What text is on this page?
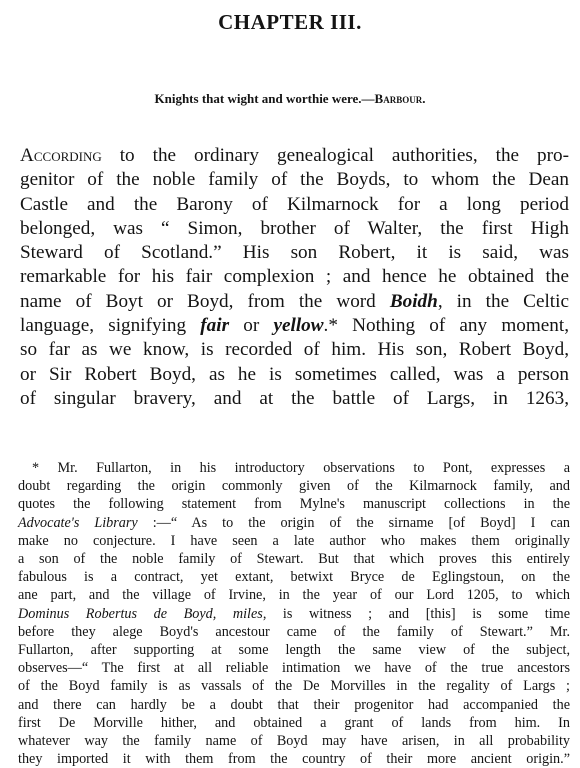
CHAPTER III.
Knights that wight and worthie were.—Barbour.
According to the ordinary genealogical authorities, the pro-
genitor of the noble family of the Boyds, to whom the Dean
Castle and the Barony of Kilmarnock for a long period
belonged, was “ Simon, brother of Walter, the first High
Steward of Scotland.” His son Robert, it is said, was
remarkable for his fair complexion ; and hence he obtained the
name of Boyt or Boyd, from the word Boidh, in the Celtic
language, signifying fair or yellow.* Nothing of any moment,
so far as we know, is recorded of him. His son, Robert Boyd,
or Sir Robert Boyd, as he is sometimes called, was a person
of singular bravery, and at the battle of Largs, in 1263,
* Mr. Fullarton, in his introductory observations to Pont, expresses a
doubt regarding the origin commonly given of the Kilmarnock family, and
quotes the following statement from Mylne's manuscript collections in the
Advocate's Library :—“ As to the origin of the sirname [of Boyd] I can
make no conjecture. I have seen a late author who makes them originally
a son of the noble family of Stewart. But that which proves this entirely
fabulous is a contract, yet extant, betwixt Bryce de Eglingstoun, on the
ane part, and the village of Irvine, in the year of our Lord 1205, to which
Dominus Robertus de Boyd, miles, is witness ; and [this] is some time
before they alege Boyd's ancestour came of the family of Stewart.” Mr.
Fullarton, after supporting at some length the same view of the subject,
observes—“ The first at all reliable intimation we have of the true ancestors
of the Boyd family is as vassals of the De Morvilles in the regality of Largs ;
and there can hardly be a doubt that their progenitor had accompanied the
first De Morville hither, and obtained a grant of lands from him. In
whatever way the family name of Boyd may have arisen, in all probability
they imported it with them from the country of their more ancient origin.”
